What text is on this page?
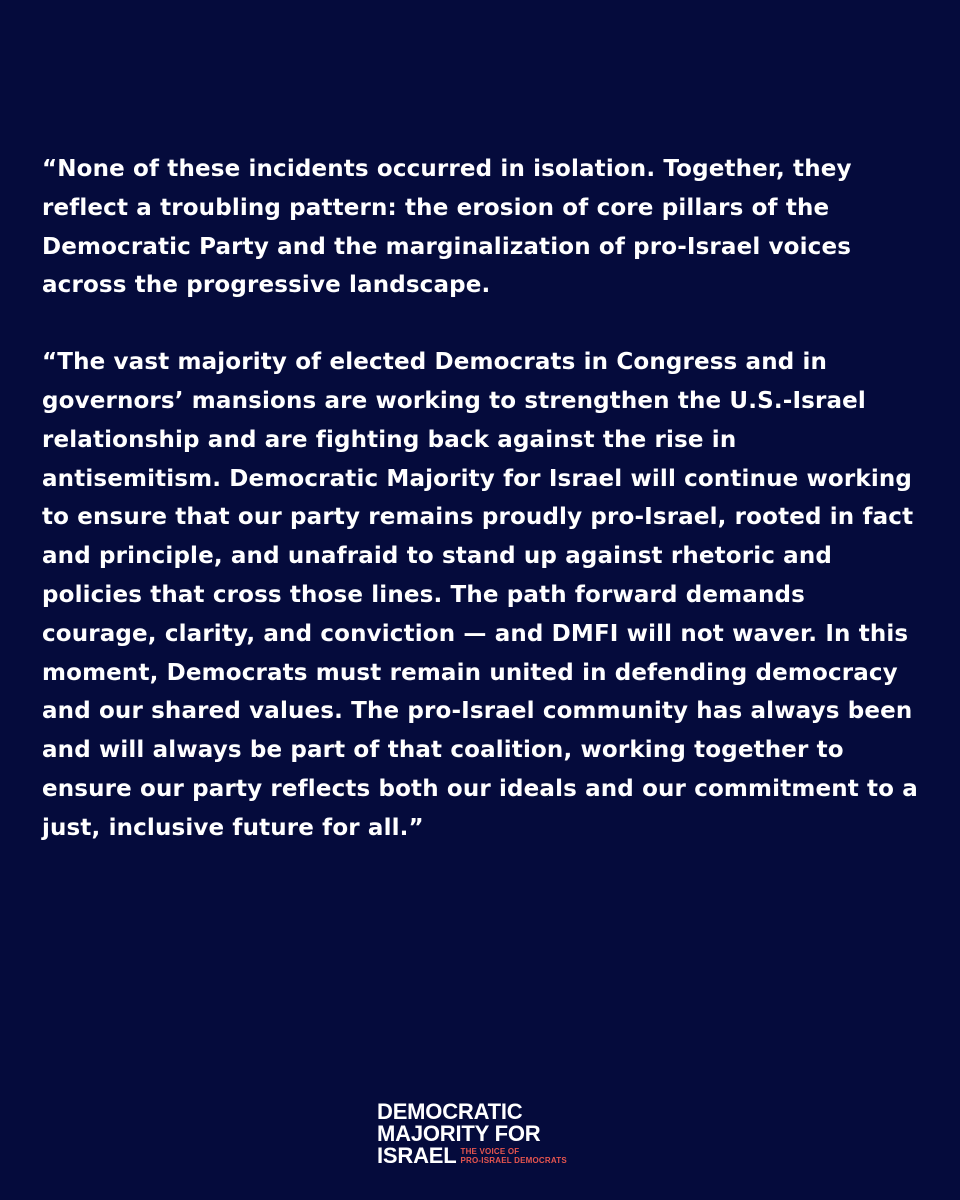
“None of these incidents occurred in isolation. Together, they reflect a troubling pattern: the erosion of core pillars of the Democratic Party and the marginalization of pro-Israel voices across the progressive landscape.

“The vast majority of elected Democrats in Congress and in governors’ mansions are working to strengthen the U.S.-Israel relationship and are fighting back against the rise in antisemitism. Democratic Majority for Israel will continue working to ensure that our party remains proudly pro-Israel, rooted in fact and principle, and unafraid to stand up against rhetoric and policies that cross those lines. The path forward demands courage, clarity, and conviction — and DMFI will not waver. In this moment, Democrats must remain united in defending democracy and our shared values. The pro-Israel community has always been and will always be part of that coalition, working together to ensure our party reflects both our ideals and our commitment to a just, inclusive future for all.”

DEMOCRATIC
MAJORITY FOR
ISRAEL THE VOICE OF
PRO-ISRAEL DEMOCRATS
